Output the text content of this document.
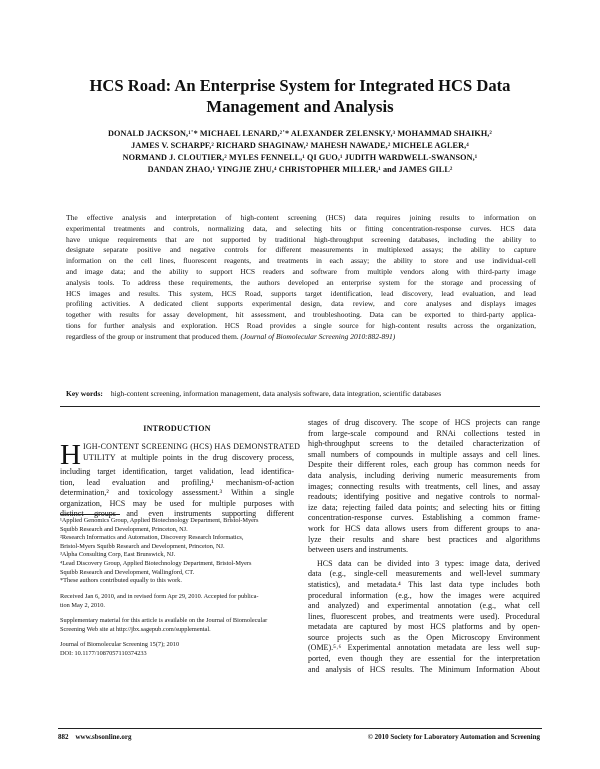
HCS Road: An Enterprise System for Integrated HCS Data
Management and Analysis
DONALD JACKSON,¹˙* MICHAEL LENARD,²˙* ALEXANDER ZELENSKY,³ MOHAMMAD SHAIKH,²
JAMES V. SCHARPF,² RICHARD SHAGINAW,² MAHESH NAWADE,² MICHELE AGLER,⁴
NORMAND J. CLOUTIER,² MYLES FENNELL,¹ QI GUO,¹ JUDITH WARDWELL-SWANSON,¹
DANDAN ZHAO,¹ YINGJIE ZHU,⁴ CHRISTOPHER MILLER,¹ and JAMES GILL²
The effective analysis and interpretation of high-content screening (HCS) data requires joining results to information on
experimental treatments and controls, normalizing data, and selecting hits or fitting concentration-response curves. HCS data
have unique requirements that are not supported by traditional high-throughput screening databases, including the ability to
designate separate positive and negative controls for different measurements in multiplexed assays; the ability to capture
information on the cell lines, fluorescent reagents, and treatments in each assay; the ability to store and use individual-cell
and image data; and the ability to support HCS readers and software from multiple vendors along with third-party image
analysis tools. To address these requirements, the authors developed an enterprise system for the storage and processing of
HCS images and results. This system, HCS Road, supports target identification, lead discovery, lead evaluation, and lead
profiling activities. A dedicated client supports experimental design, data review, and core analyses and displays images
together with results for assay development, hit assessment, and troubleshooting. Data can be exported to third-party applica-
tions for further analysis and exploration. HCS Road provides a single source for high-content results across the organization,
regardless of the group or instrument that produced them. (Journal of Biomolecular Screening 2010:882-891)
Key words: high-content screening, information management, data analysis software, data integration, scientific databases
INTRODUCTION
H IGH-CONTENT SCREENING (HCS) HAS DEMONSTRATED
UTILITY at multiple points in the drug discovery process,
including target identification, target validation, lead identifica-
tion, lead evaluation and profiling,¹ mechanism-of-action
determination,² and toxicology assessment.³ Within a single
organization, HCS may be used for multiple purposes with
distinct groups and even instruments supporting different
¹Applied Genomics Group, Applied Biotechnology Department, Bristol-Myers
Squibb Research and Development, Princeton, NJ.
²Research Informatics and Automation, Discovery Research Informatics,
Bristol-Myers Squibb Research and Development, Princeton, NJ.
³Alpha Consulting Corp, East Brunswick, NJ.
⁴Lead Discovery Group, Applied Biotechnology Department, Bristol-Myers
Squibb Research and Development, Wallingford, CT.
*These authors contributed equally to this work.
Received Jan 6, 2010, and in revised form Apr 29, 2010. Accepted for publica-
tion May 2, 2010.
Supplementary material for this article is available on the Journal of Biomolecular
Screening Web site at http://jbx.sagepub.com/supplemental.
Journal of Biomolecular Screening 15(7); 2010
DOI: 10.1177/1087057110374233
stages of drug discovery. The scope of HCS projects can range
from large-scale compound and RNAi collections tested in
high-throughput screens to the detailed characterization of
small numbers of compounds in multiple assays and cell lines.
Despite their different roles, each group has common needs for
data analysis, including deriving numeric measurements from
images; connecting results with treatments, cell lines, and assay
readouts; identifying positive and negative controls to normal-
ize data; rejecting failed data points; and selecting hits or fitting
concentration-response curves. Establishing a common frame-
work for HCS data allows users from different groups to ana-
lyze their results and share best practices and algorithms
between users and instruments.
HCS data can be divided into 3 types: image data, derived
data (e.g., single-cell measurements and well-level summary
statistics), and metadata.⁴ This last data type includes both
procedural information (e.g., how the images were acquired
and analyzed) and experimental annotation (e.g., what cell
lines, fluorescent probes, and treatments were used). Procedural
metadata are captured by most HCS platforms and by open-
source projects such as the Open Microscopy Environment
(OME).⁵˒⁶ Experimental annotation metadata are less well sup-
ported, even though they are essential for the interpretation
and analysis of HCS results. The Minimum Information About
882 www.sbsonline.org	© 2010 Society for Laboratory Automation and Screening
